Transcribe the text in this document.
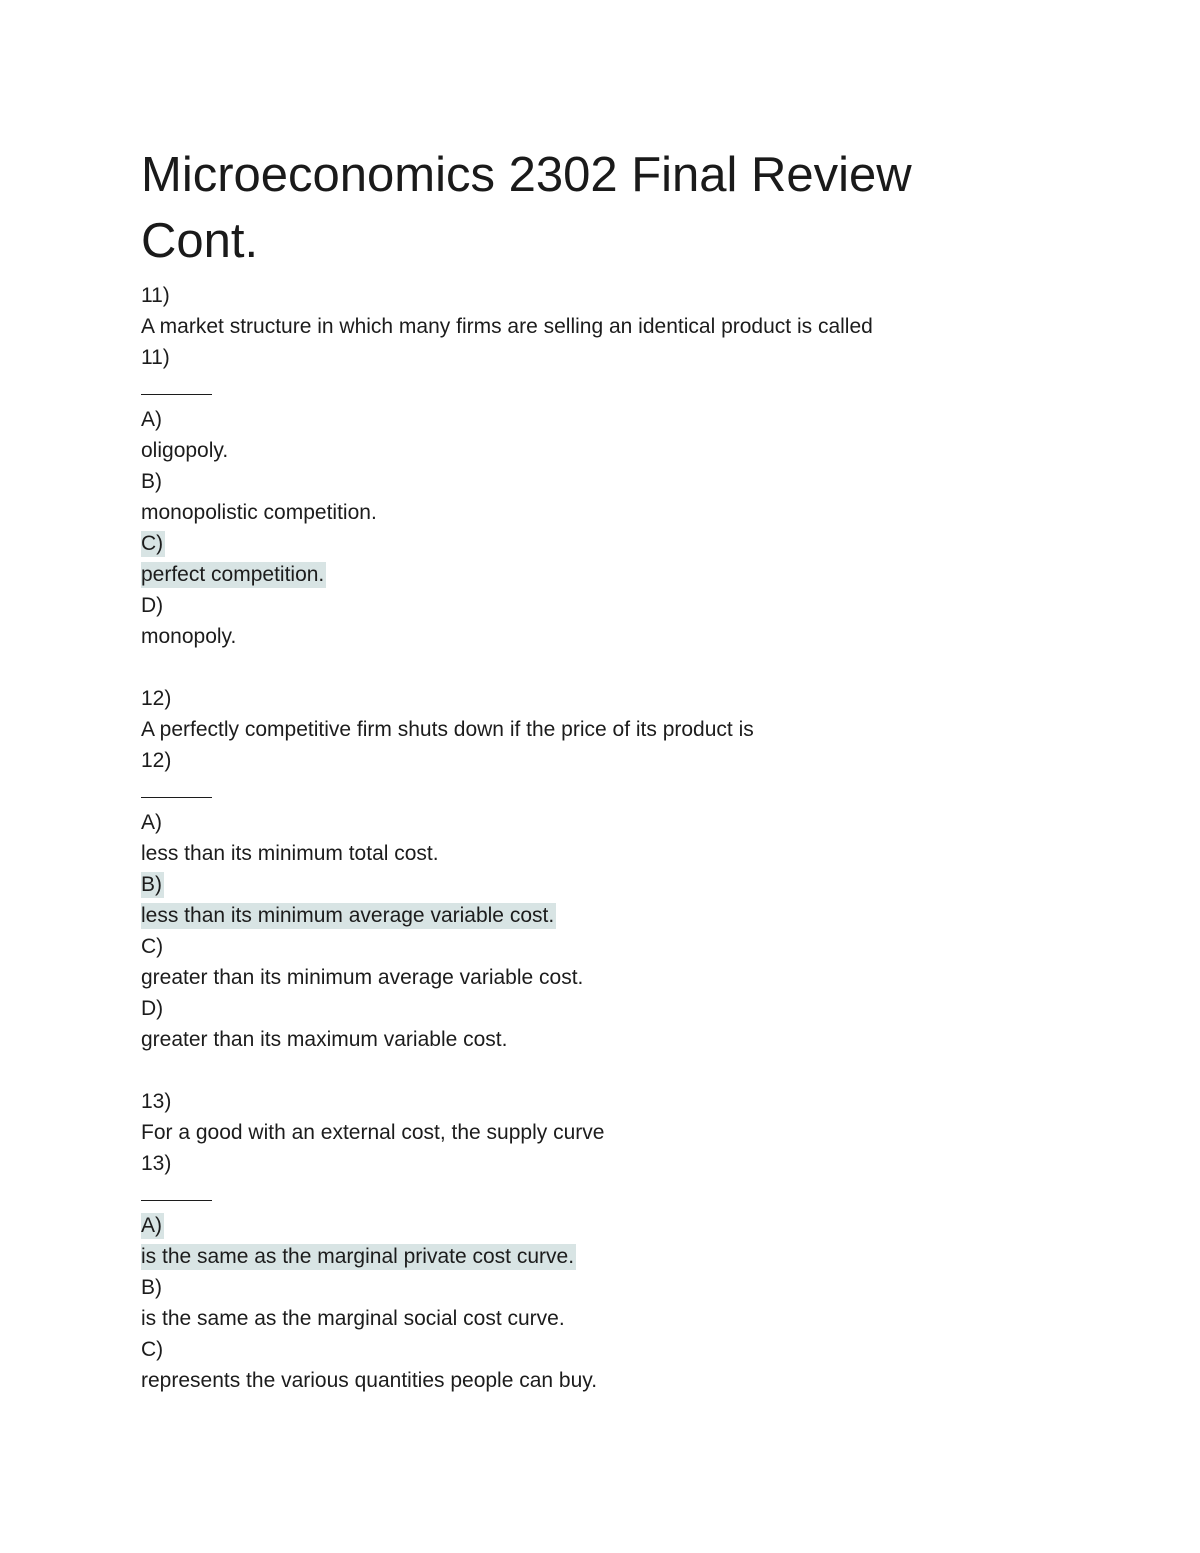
Microeconomics 2302 Final Review Cont.
11)
A market structure in which many firms are selling an identical product is called
11)
A)
oligopoly.
B)
monopolistic competition.
C)
perfect competition.
D)
monopoly.
12)
A perfectly competitive firm shuts down if the price of its product is
12)
A)
less than its minimum total cost.
B)
less than its minimum average variable cost.
C)
greater than its minimum average variable cost.
D)
greater than its maximum variable cost.
13)
For a good with an external cost, the supply curve
13)
A)
is the same as the marginal private cost curve.
B)
is the same as the marginal social cost curve.
C)
represents the various quantities people can buy.
